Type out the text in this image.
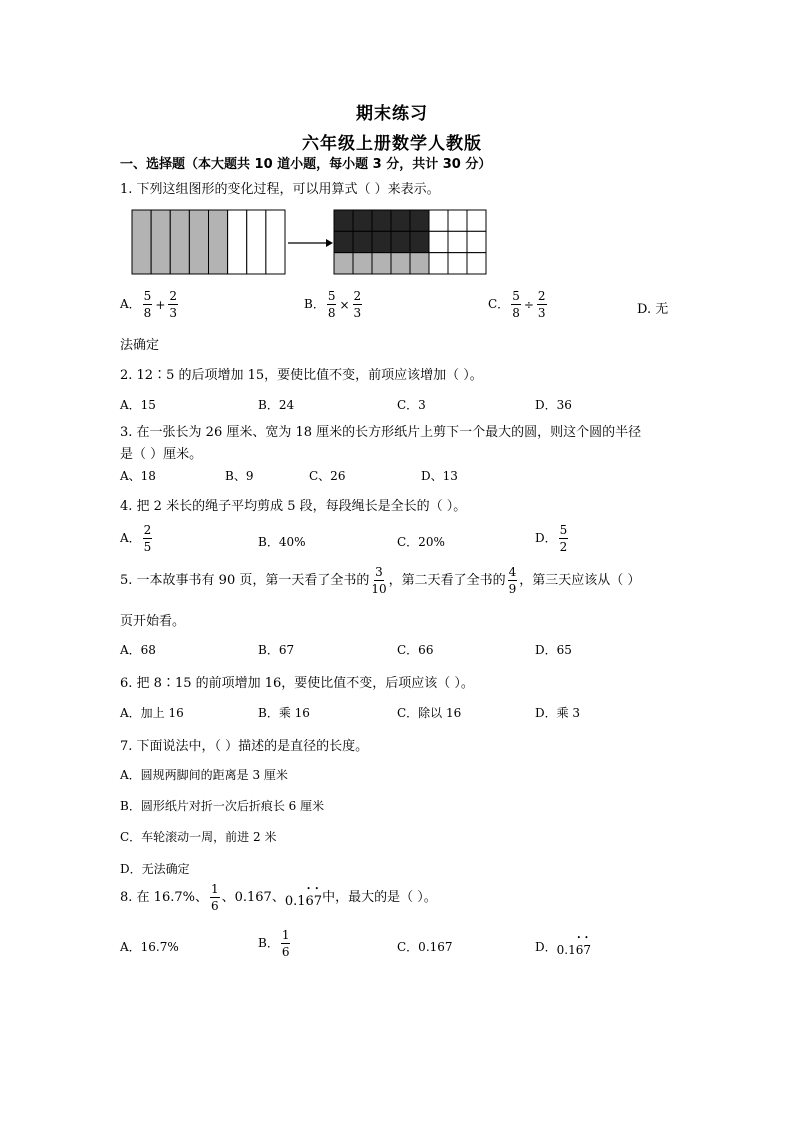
期末练习
六年级上册数学人教版
一、选择题（本大题共 10 道小题，每小题 3 分，共计 30 分）
1. 下列这组图形的变化过程，可以用算式（ ）来表示。
A． $\frac{5}{8} + \frac{2}{3}$	B． $\frac{5}{8} \times \frac{2}{3}$	C． $\frac{5}{8} \div \frac{2}{3}$	D. 无
法确定
2. 12∶5 的后项增加 15，要使比值不变，前项应该增加（ ）。
A．15	B．24	C．3	D．36
3. 在一张长为 26 厘米、宽为 18 厘米的长方形纸片上剪下一个最大的圆，则这个圆的半径
是（ ）厘米。
A、18	B、9	C、26	D、13
4. 把 2 米长的绳子平均剪成 5 段，每段绳长是全长的（ ）。
A． $\frac{2}{5}$	B．40%	C．20%	D． $\frac{5}{2}$
5. 一本故事书有 90 页，第一天看了全书的 $\frac{3}{10}$ ，第二天看了全书的 $\frac{4}{9}$ ，第三天应该从（ ）
页开始看。
A．68	B．67	C．66	D．65
6. 把 8∶15 的前项增加 16，要使比值不变，后项应该（ ）。
A．加上 16	B．乘 16	C．除以 16	D．乘 3
7. 下面说法中，（ ）描述的是直径的长度。
A．圆规两脚间的距离是 3 厘米
B．圆形纸片对折一次后折痕长 6 厘米
C．车轮滚动一周，前进 2 米
D．无法确定
8. 在 16.7%、 $\frac{1}{6}$ 、0.167、0.1• 6• 7中，最大的是（ ）。
A．16.7%	B． $\frac{1}{6}$	C．0.167	D．0.1• 6• 7
